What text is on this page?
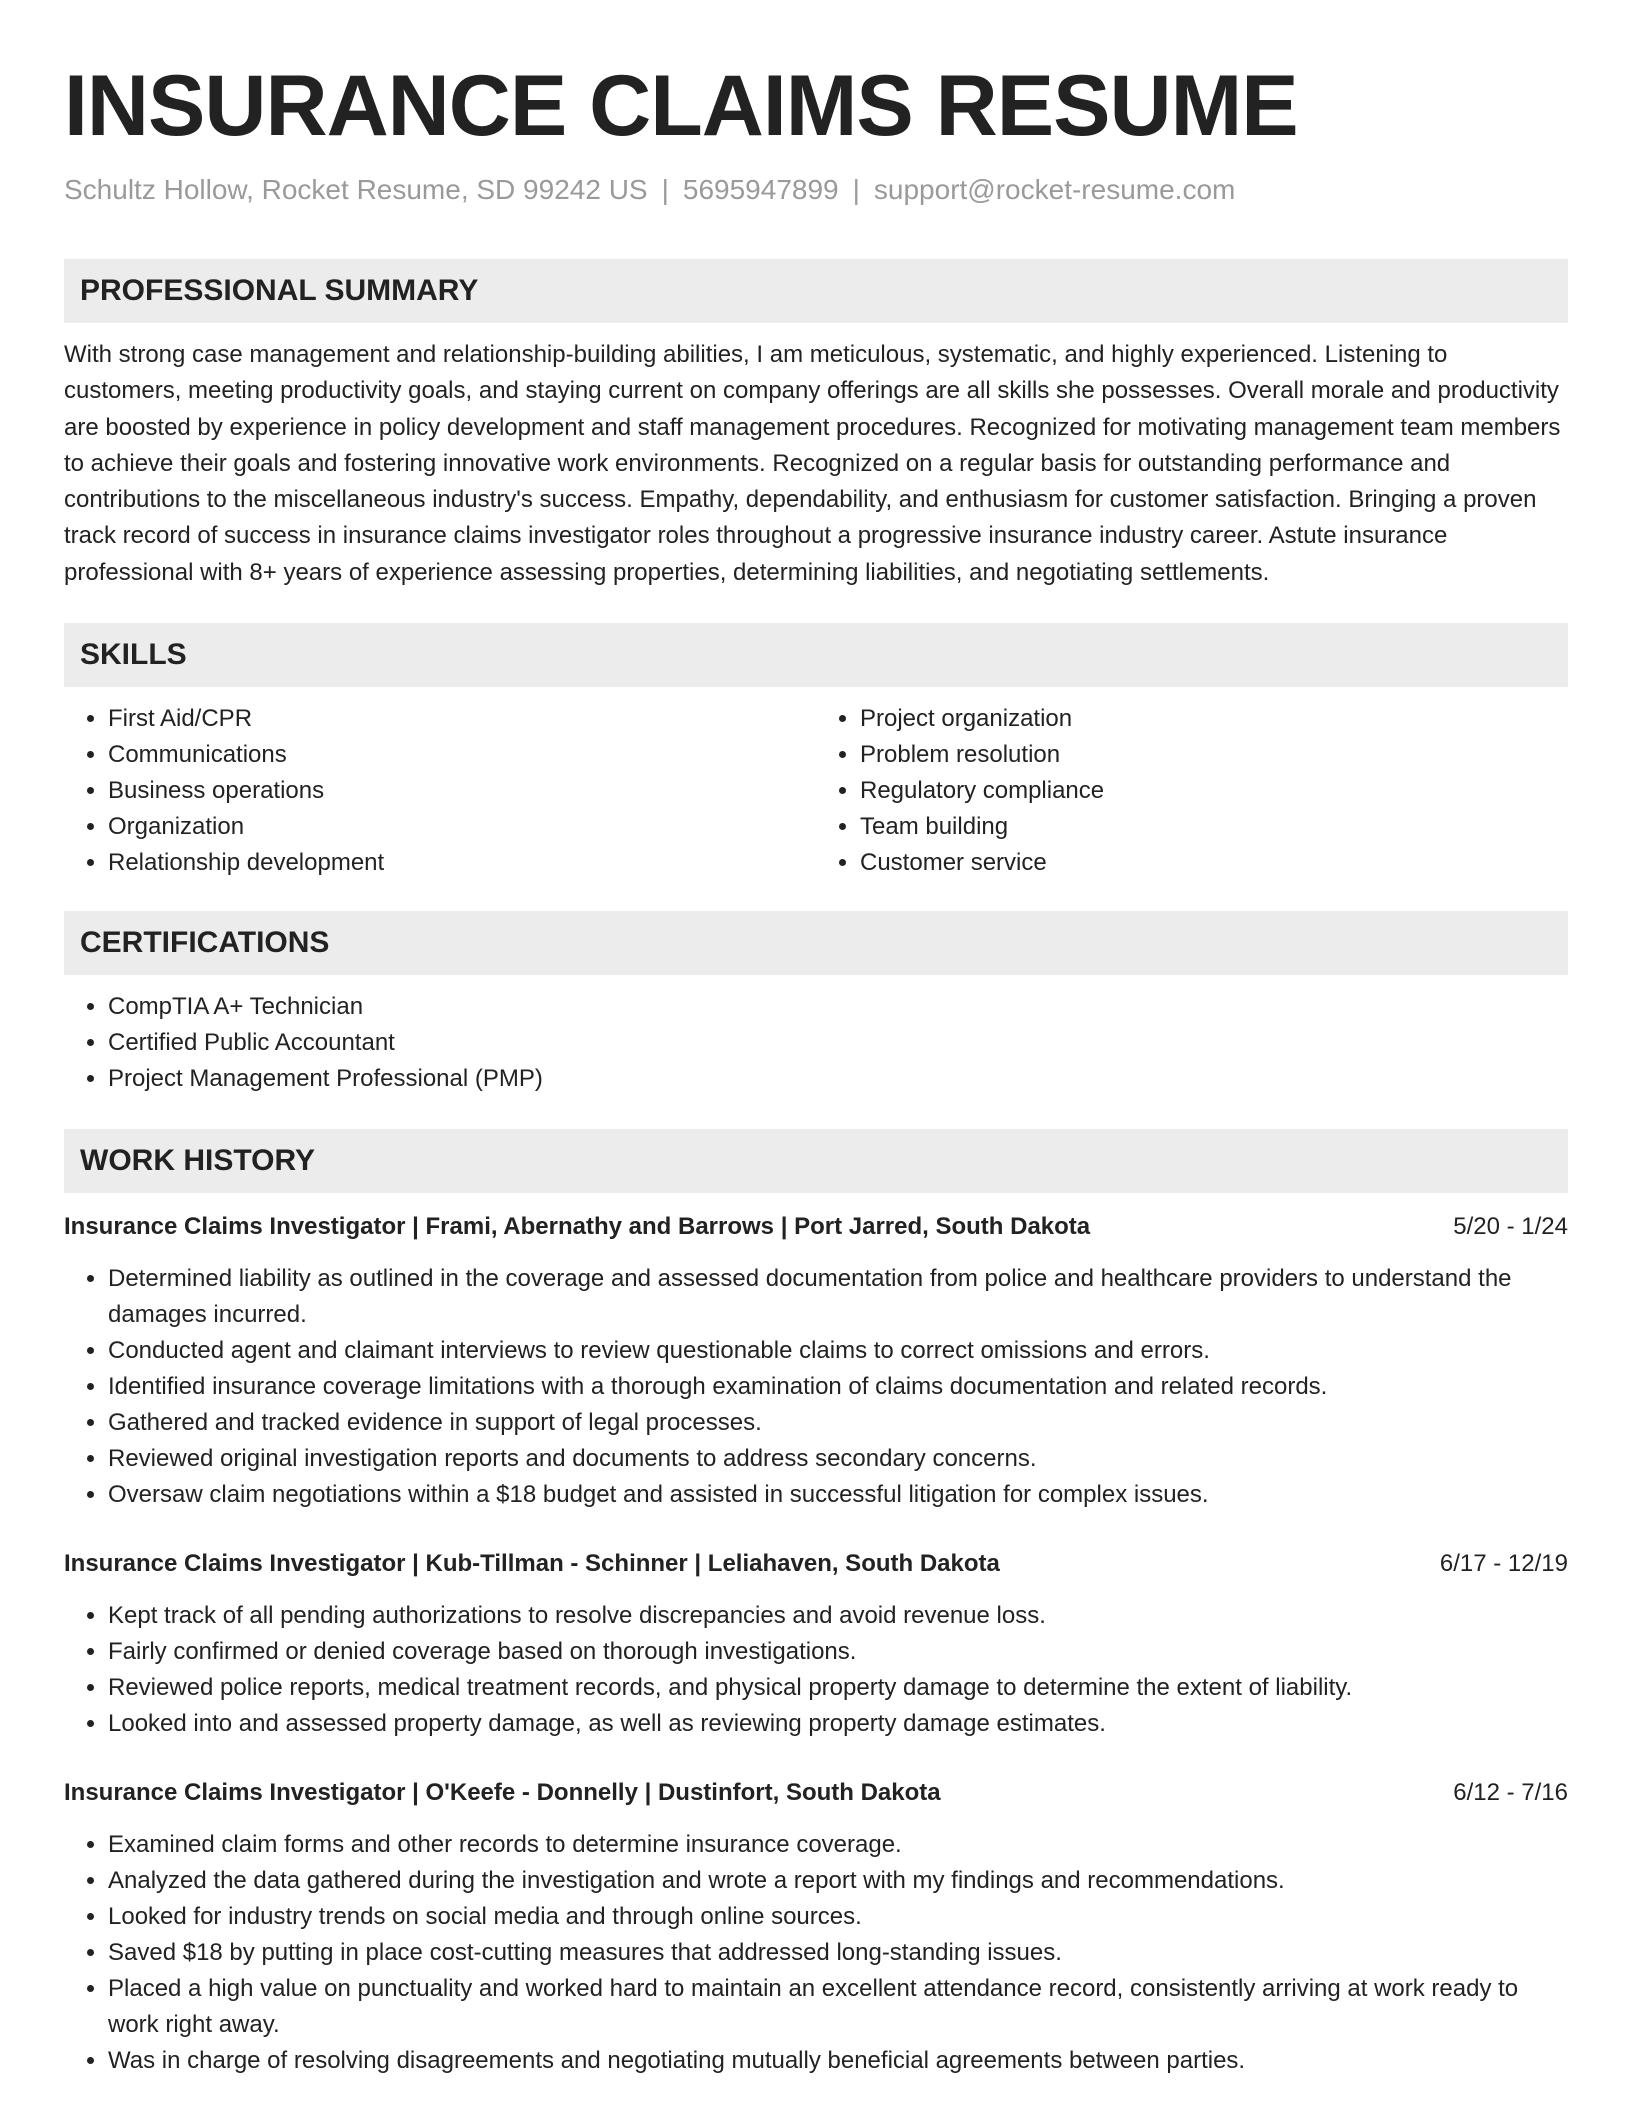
INSURANCE CLAIMS RESUME
Schultz Hollow, Rocket Resume, SD 99242 US | 5695947899 | support@rocket-resume.com
PROFESSIONAL SUMMARY
With strong case management and relationship-building abilities, I am meticulous, systematic, and highly experienced. Listening to customers, meeting productivity goals, and staying current on company offerings are all skills she possesses. Overall morale and productivity are boosted by experience in policy development and staff management procedures. Recognized for motivating management team members to achieve their goals and fostering innovative work environments. Recognized on a regular basis for outstanding performance and contributions to the miscellaneous industry's success. Empathy, dependability, and enthusiasm for customer satisfaction. Bringing a proven track record of success in insurance claims investigator roles throughout a progressive insurance industry career. Astute insurance professional with 8+ years of experience assessing properties, determining liabilities, and negotiating settlements.
SKILLS
• First Aid/CPR
• Communications
• Business operations
• Organization
• Relationship development
• Project organization
• Problem resolution
• Regulatory compliance
• Team building
• Customer service
CERTIFICATIONS
• CompTIA A+ Technician
• Certified Public Accountant
• Project Management Professional (PMP)
WORK HISTORY
Insurance Claims Investigator | Frami, Abernathy and Barrows | Port Jarred, South Dakota	5/20 - 1/24
• Determined liability as outlined in the coverage and assessed documentation from police and healthcare providers to understand the damages incurred.
• Conducted agent and claimant interviews to review questionable claims to correct omissions and errors.
• Identified insurance coverage limitations with a thorough examination of claims documentation and related records.
• Gathered and tracked evidence in support of legal processes.
• Reviewed original investigation reports and documents to address secondary concerns.
• Oversaw claim negotiations within a $18 budget and assisted in successful litigation for complex issues.
Insurance Claims Investigator | Kub-Tillman - Schinner | Leliahaven, South Dakota	6/17 - 12/19
• Kept track of all pending authorizations to resolve discrepancies and avoid revenue loss.
• Fairly confirmed or denied coverage based on thorough investigations.
• Reviewed police reports, medical treatment records, and physical property damage to determine the extent of liability.
• Looked into and assessed property damage, as well as reviewing property damage estimates.
Insurance Claims Investigator | O'Keefe - Donnelly | Dustinfort, South Dakota	6/12 - 7/16
• Examined claim forms and other records to determine insurance coverage.
• Analyzed the data gathered during the investigation and wrote a report with my findings and recommendations.
• Looked for industry trends on social media and through online sources.
• Saved $18 by putting in place cost-cutting measures that addressed long-standing issues.
• Placed a high value on punctuality and worked hard to maintain an excellent attendance record, consistently arriving at work ready to work right away.
• Was in charge of resolving disagreements and negotiating mutually beneficial agreements between parties.
